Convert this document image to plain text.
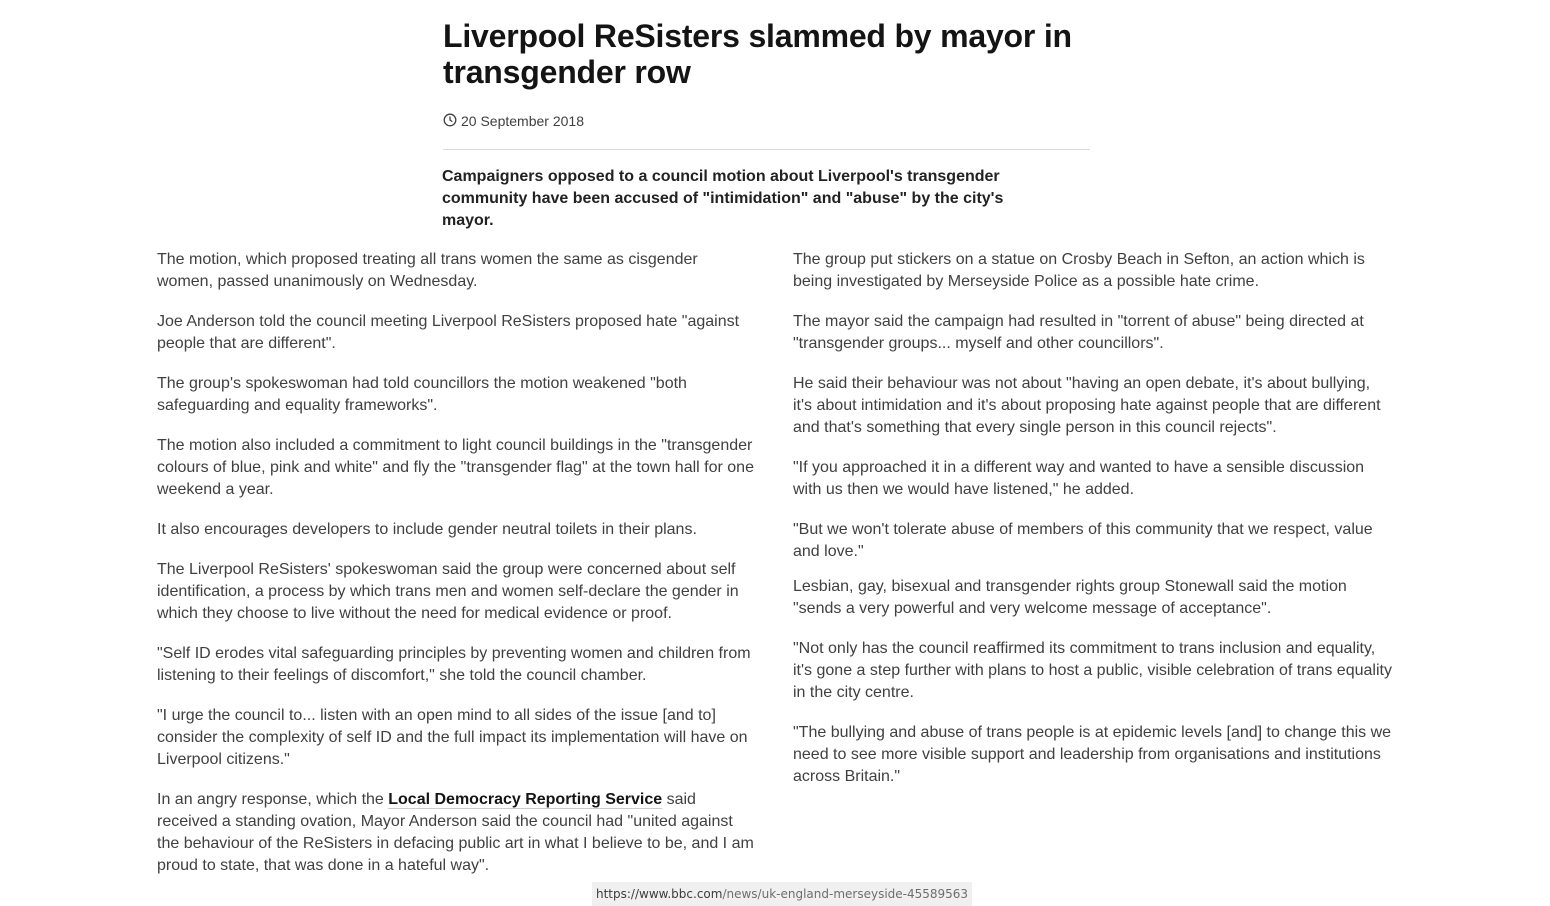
Liverpool ReSisters slammed by mayor in transgender row
20 September 2018

Campaigners opposed to a council motion about Liverpool's transgender community have been accused of "intimidation" and "abuse" by the city's mayor.

The motion, which proposed treating all trans women the same as cisgender women, passed unanimously on Wednesday.

Joe Anderson told the council meeting Liverpool ReSisters proposed hate "against people that are different".

The group's spokeswoman had told councillors the motion weakened "both safeguarding and equality frameworks".

The motion also included a commitment to light council buildings in the "transgender colours of blue, pink and white" and fly the "transgender flag" at the town hall for one weekend a year.

It also encourages developers to include gender neutral toilets in their plans.

The Liverpool ReSisters' spokeswoman said the group were concerned about self identification, a process by which trans men and women self-declare the gender in which they choose to live without the need for medical evidence or proof.

"Self ID erodes vital safeguarding principles by preventing women and children from listening to their feelings of discomfort," she told the council chamber.

"I urge the council to... listen with an open mind to all sides of the issue [and to] consider the complexity of self ID and the full impact its implementation will have on Liverpool citizens."

In an angry response, which the Local Democracy Reporting Service said received a standing ovation, Mayor Anderson said the council had "united against the behaviour of the ReSisters in defacing public art in what I believe to be, and I am proud to state, that was done in a hateful way".

The group put stickers on a statue on Crosby Beach in Sefton, an action which is being investigated by Merseyside Police as a possible hate crime.

The mayor said the campaign had resulted in "torrent of abuse" being directed at "transgender groups... myself and other councillors".

He said their behaviour was not about "having an open debate, it's about bullying, it's about intimidation and it's about proposing hate against people that are different and that's something that every single person in this council rejects".

"If you approached it in a different way and wanted to have a sensible discussion with us then we would have listened," he added.

"But we won't tolerate abuse of members of this community that we respect, value and love."

Lesbian, gay, bisexual and transgender rights group Stonewall said the motion "sends a very powerful and very welcome message of acceptance".

"Not only has the council reaffirmed its commitment to trans inclusion and equality, it's gone a step further with plans to host a public, visible celebration of trans equality in the city centre.

"The bullying and abuse of trans people is at epidemic levels [and] to change this we need to see more visible support and leadership from organisations and institutions across Britain."

https://www.bbc.com/news/uk-england-merseyside-45589563
